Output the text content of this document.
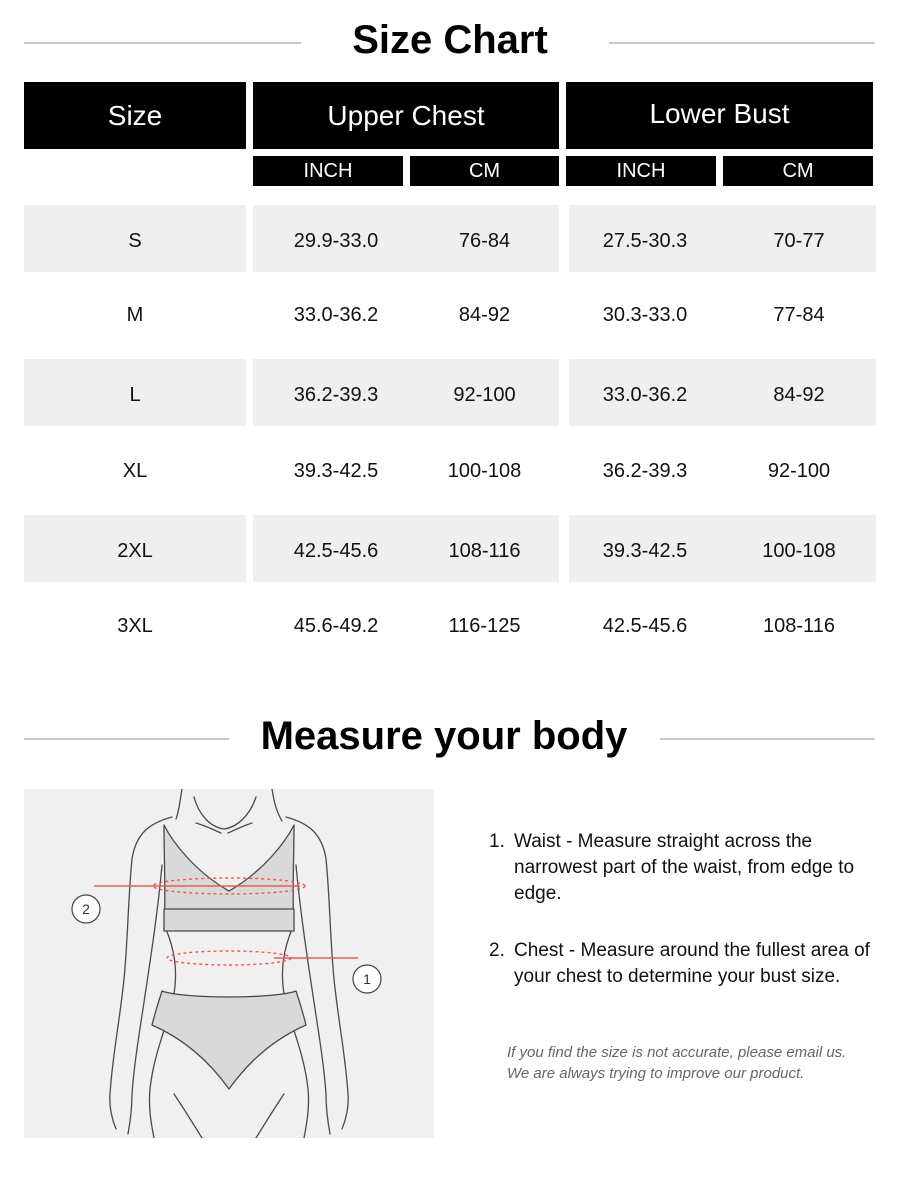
Size Chart
Size	Upper Chest	Lower Bust
INCH	CM	INCH	CM
S	29.9-33.0	76-84	27.5-30.3	70-77
M	33.0-36.2	84-92	30.3-33.0	77-84
L	36.2-39.3	92-100	33.0-36.2	84-92
XL	39.3-42.5	100-108	36.2-39.3	92-100
2XL	42.5-45.6	108-116	39.3-42.5	100-108
3XL	45.6-49.2	116-125	42.5-45.6	108-116
Measure your body
2
1
1. Waist - Measure straight across the narrowest part of the waist, from edge to edge.
2. Chest - Measure around the fullest area of your chest to determine your bust size.
If you find the size is not accurate, please email us. We are always trying to improve our product.
